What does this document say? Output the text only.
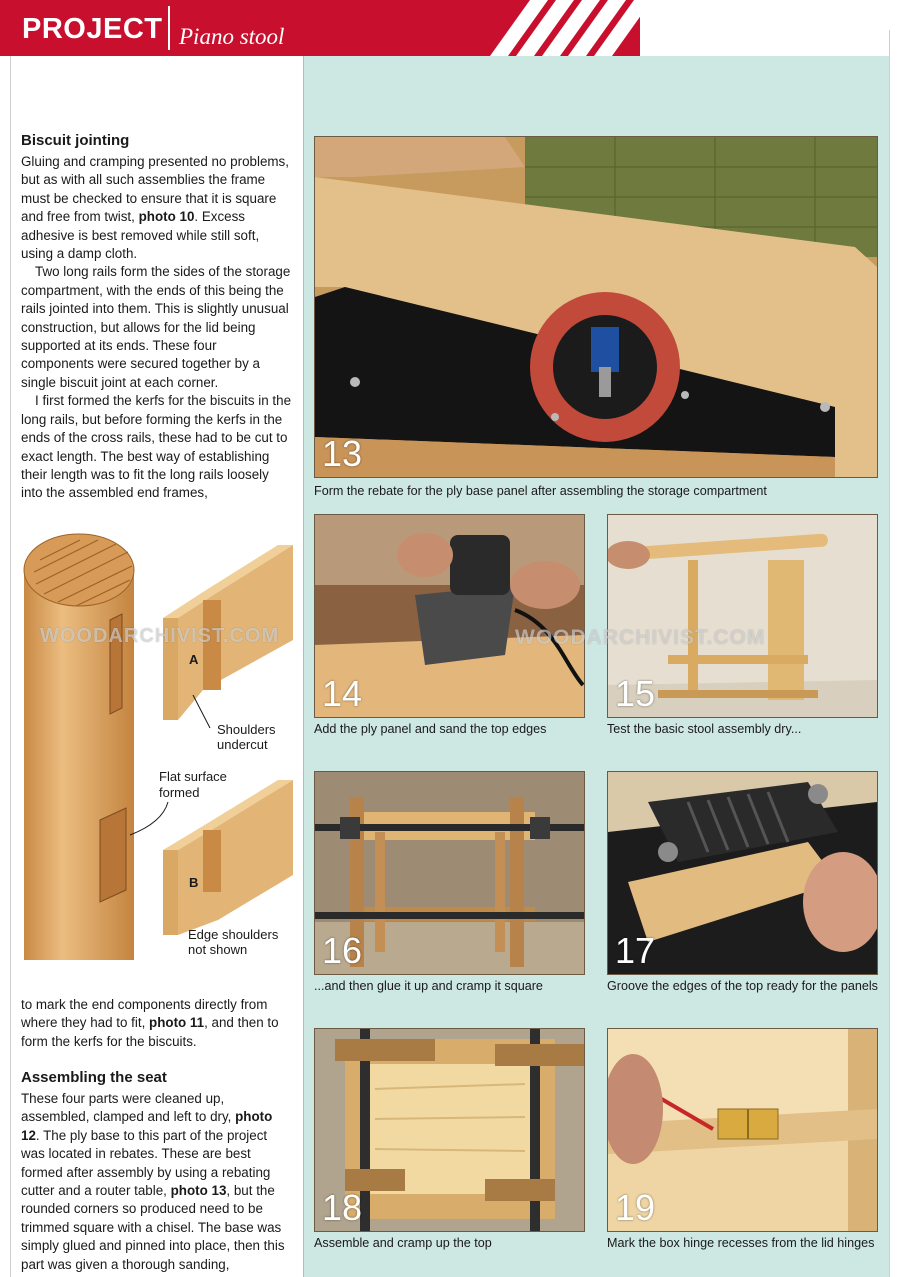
PROJECT Piano stool
Biscuit jointing

Gluing and cramping presented no problems, but as with all such assemblies the frame must be checked to ensure that it is square and free from twist, photo 10. Excess adhesive is best removed while still soft, using a damp cloth.

Two long rails form the sides of the storage compartment, with the ends of this being the rails jointed into them. This is slightly unusual construction, but allows for the lid being supported at its ends. These four components were secured together by a single biscuit joint at each corner.

I first formed the kerfs for the biscuits in the long rails, but before forming the kerfs in the ends of the cross rails, these had to be cut to exact length. The best way of establishing their length was to fit the long rails loosely into the assembled end frames,

A
Shoulders
undercut
B
Flat surface
formed
Edge shoulders
not shown
WOODARCHIVIST.COM

to mark the end components directly from where they had to fit, photo 11, and then to form the kerfs for the biscuits.

Assembling the seat

These four parts were cleaned up, assembled, clamped and left to dry, photo 12. The ply base to this part of the project was located in rebates. These are best formed after assembly by using a rebating cutter and a router table, photo 13, but the rounded corners so produced need to be trimmed square with a chisel. The base was simply glued and pinned into place, then this part was given a thorough sanding,

13
Form the rebate for the ply base panel after assembling the storage compartment
14
Add the ply panel and sand the top edges
15
Test the basic stool assembly dry...
WOODARCHIVIST.COM
16
...and then glue it up and cramp it square
17
Groove the edges of the top ready for the panels
18
Assemble and cramp up the top
19
Mark the box hinge recesses from the lid hinges
